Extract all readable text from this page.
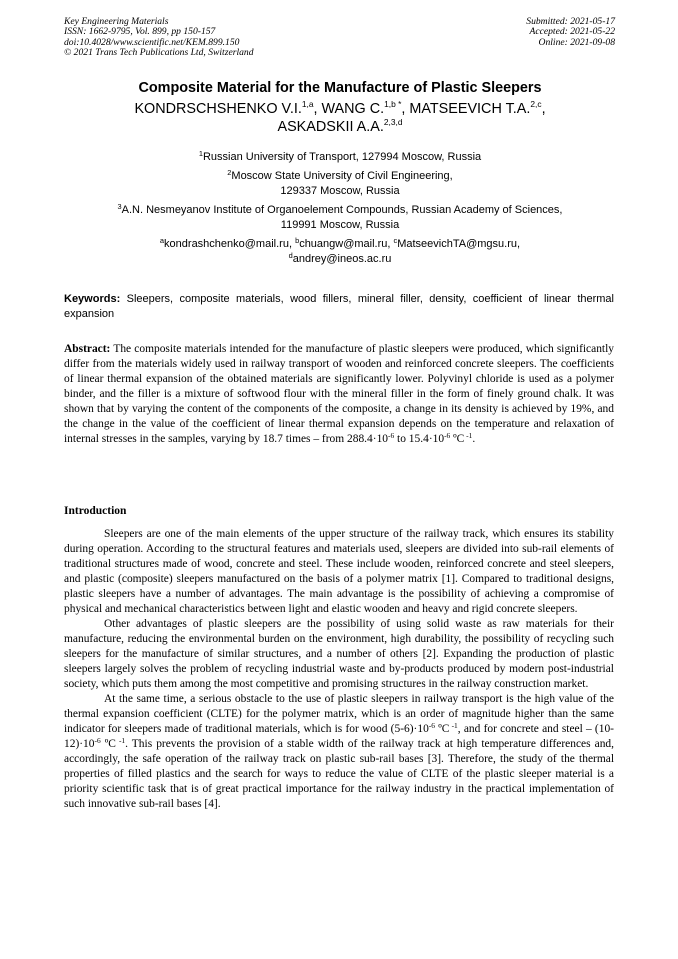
Key Engineering Materials
ISSN: 1662-9795, Vol. 899, pp 150-157
doi:10.4028/www.scientific.net/KEM.899.150
© 2021 Trans Tech Publications Ltd, Switzerland
Submitted: 2021-05-17
Accepted: 2021-05-22
Online: 2021-09-08
Composite Material for the Manufacture of Plastic Sleepers
KONDRSCHSHENKO V.I.$^{1,a}$, WANG C.$^{1,b *}$, MATSEEVICH T.A.$^{2,c}$,
ASKADSKII A.A.$^{2,3,d}$
$^1$Russian University of Transport, 127994 Moscow, Russia
$^2$Moscow State University of Civil Engineering,
129337 Moscow, Russia
$^3$A.N. Nesmeyanov Institute of Organoelement Compounds, Russian Academy of Sciences,
119991 Moscow, Russia
$^a$kondrashchenko@mail.ru, $^b$chuangw@mail.ru, $^c$MatseevichTA@mgsu.ru,
$^d$andrey@ineos.ac.ru
Keywords: Sleepers, composite materials, wood fillers, mineral filler, density, coefficient of linear thermal expansion
Abstract: The composite materials intended for the manufacture of plastic sleepers were produced, which significantly differ from the materials widely used in railway transport of wooden and reinforced concrete sleepers. The coefficients of linear thermal expansion of the obtained materials are significantly lower. Polyvinyl chloride is used as a polymer binder, and the filler is a mixture of softwood flour with the mineral filler in the form of finely ground chalk. It was shown that by varying the content of the components of the composite, a change in its density is achieved by 19%, and the change in the value of the coefficient of linear thermal expansion depends on the temperature and relaxation of internal stresses in the samples, varying by 18.7 times – from $288.4\cdot 10^{-6}$ to $15.4\cdot 10^{-6}$ ºC $^{-1}$.
Introduction

Sleepers are one of the main elements of the upper structure of the railway track, which ensures its stability during operation. According to the structural features and materials used, sleepers are divided into sub-rail elements of traditional structures made of wood, concrete and steel. These include wooden, reinforced concrete and steel sleepers, and plastic (composite) sleepers manufactured on the basis of a polymer matrix [1]. Compared to traditional designs, plastic sleepers have a number of advantages. The main advantage is the possibility of achieving a compromise of physical and mechanical characteristics between light and elastic wooden and heavy and rigid concrete sleepers.

Other advantages of plastic sleepers are the possibility of using solid waste as raw materials for their manufacture, reducing the environmental burden on the environment, high durability, the possibility of recycling such sleepers for the manufacture of similar structures, and a number of others [2]. Expanding the production of plastic sleepers largely solves the problem of recycling industrial waste and by-products produced by modern post-industrial society, which puts them among the most competitive and promising structures in the railway construction market.

At the same time, a serious obstacle to the use of plastic sleepers in railway transport is the high value of the thermal expansion coefficient (CLTE) for the polymer matrix, which is an order of magnitude higher than the same indicator for sleepers made of traditional materials, which is for wood $(5-6)\cdot 10^{-6}$ ºC $^{-1}$, and for concrete and steel – $(10-12)\cdot 10^{-6}$ ºC $^{-1}$. This prevents the provision of a stable width of the railway track at high temperature differences and, accordingly, the safe operation of the railway track on plastic sub-rail bases [3]. Therefore, the study of the thermal properties of filled plastics and the search for ways to reduce the value of CLTE of the plastic sleeper material is a priority scientific task that is of great practical importance for the railway industry in the practical implementation of such innovative sub-rail bases [4].
